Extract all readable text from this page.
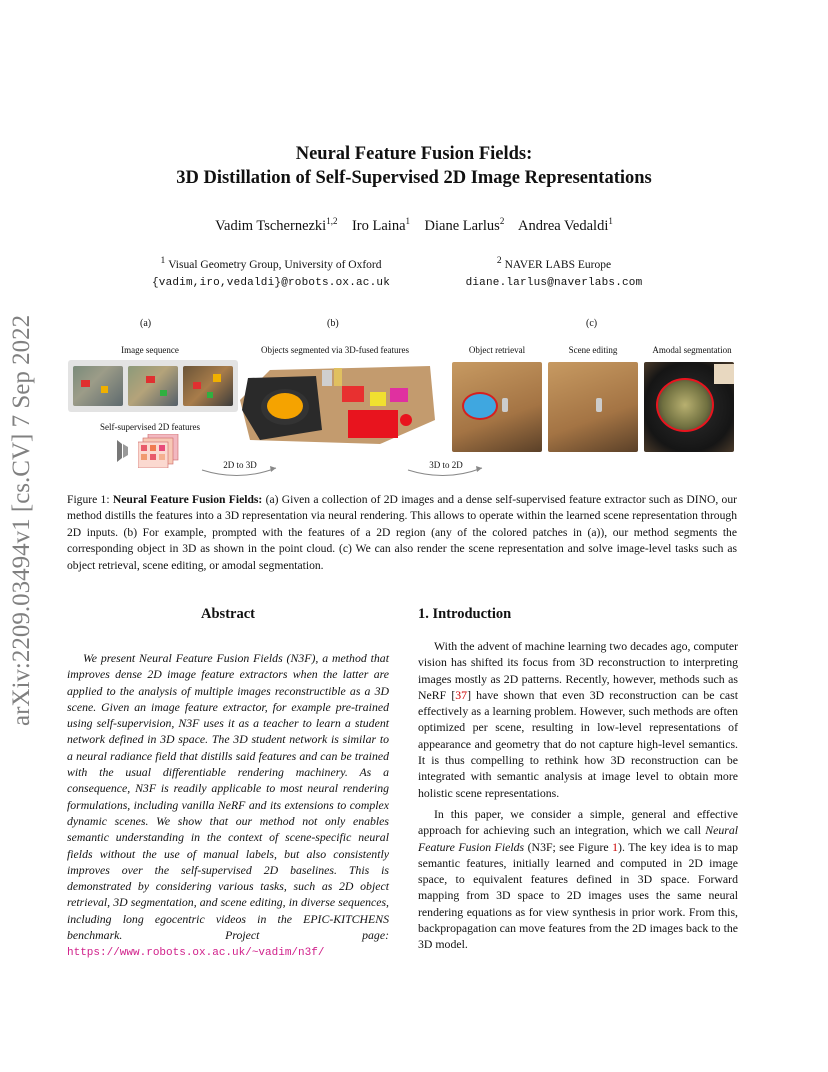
arXiv:2209.03494v1 [cs.CV] 7 Sep 2022
Neural Feature Fusion Fields:
3D Distillation of Self-Supervised 2D Image Representations
Vadim Tschernezki$^{1,2}$ Iro Laina$^1$ Diane Larlus$^2$ Andrea Vedaldi$^1$
$^1$ Visual Geometry Group, University of Oxford
{vadim,iro,vedaldi}@robots.ox.ac.uk
$^2$ NAVER LABS Europe
diane.larlus@naverlabs.com
(a)	(b)	(c)
Image sequence
Self-supervised 2D features
Objects segmented via 3D-fused features
2D to 3D	3D to 2D
Object retrieval	Scene editing	Amodal segmentation
Figure 1: Neural Feature Fusion Fields: (a) Given a collection of 2D images and a dense self-supervised feature extractor such as DINO, our method distills the features into a 3D representation via neural rendering. This allows to operate within the learned scene representation through 2D inputs. (b) For example, prompted with the features of a 2D region (any of the colored patches in (a)), our method segments the corresponding object in 3D as shown in the point cloud. (c) We can also render the scene representation and solve image-level tasks such as object retrieval, scene editing, or amodal segmentation.
Abstract

We present Neural Feature Fusion Fields (N3F), a method that improves dense 2D image feature extractors when the latter are applied to the analysis of multiple images reconstructible as a 3D scene. Given an image feature extractor, for example pre-trained using self-supervision, N3F uses it as a teacher to learn a student network defined in 3D space. The 3D student network is similar to a neural radiance field that distills said features and can be trained with the usual differentiable rendering machinery. As a consequence, N3F is readily applicable to most neural rendering formulations, including vanilla NeRF and its extensions to complex dynamic scenes. We show that our method not only enables semantic understanding in the context of scene-specific neural fields without the use of manual labels, but also consistently improves over the self-supervised 2D baselines. This is demonstrated by considering various tasks, such as 2D object retrieval, 3D segmentation, and scene editing, in diverse sequences, including long egocentric videos in the EPIC-KITCHENS benchmark. Project page: https://www.robots.ox.ac.uk/~vadim/n3f/

1. Introduction

With the advent of machine learning two decades ago, computer vision has shifted its focus from 3D reconstruction to interpreting images mostly as 2D patterns. Recently, however, methods such as NeRF [37] have shown that even 3D reconstruction can be cast effectively as a learning problem. However, such methods are often optimized per scene, resulting in low-level representations of appearance and geometry that do not capture high-level semantics. It is thus compelling to rethink how 3D reconstruction can be integrated with semantic analysis at image level to obtain more holistic scene representations.

In this paper, we consider a simple, general and effective approach for achieving such an integration, which we call Neural Feature Fusion Fields (N3F; see Figure 1). The key idea is to map semantic features, initially learned and computed in 2D image space, to equivalent features defined in 3D space. Forward mapping from 3D space to 2D images uses the same neural rendering equations as for view synthesis in prior work. From this, backpropagation can move features from the 2D images back to the 3D model.
